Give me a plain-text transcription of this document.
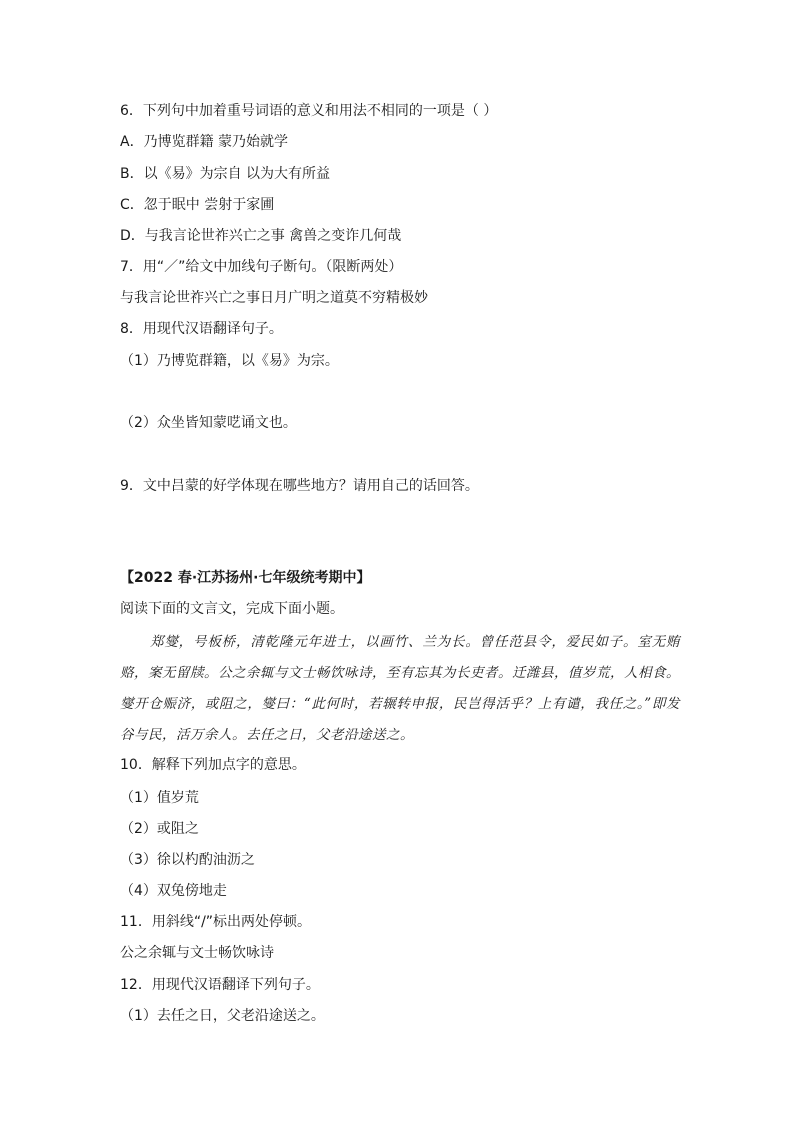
6．下列句中加着重号词语的意义和用法不相同的一项是（ ）
A．乃博览群籍 蒙乃始就学
B．以《易》为宗自 以为大有所益
C．忽于眠中 尝射于家圃
D．与我言论世祚兴亡之事 禽兽之变诈几何哉
7．用“／”给文中加线句子断句。（限断两处）
与我言论世祚兴亡之事日月广明之道莫不穷精极妙
8．用现代汉语翻译句子。
（1）乃博览群籍，以《易》为宗。
（2）众坐皆知蒙呓诵文也。
9．文中吕蒙的好学体现在哪些地方？请用自己的话回答。
【2022 春·江苏扬州·七年级统考期中】
阅读下面的文言文，完成下面小题。

郑燮，号板桥，清乾隆元年进士，以画竹、兰为长。曾任范县令，爱民如子。室无贿赂，案无留牍。公之余辄与文士畅饮咏诗，至有忘其为长吏者。迁潍县，值岁荒，人相食。燮开仓赈济，或阻之，燮曰：“此何时，若辗转申报，民岂得活乎？上有谴，我任之。”即发谷与民，活万余人。去任之日，父老沿途送之。

10．解释下列加点字的意思。
（1）值岁荒
（2）或阻之
（3）徐以杓酌油沥之
（4）双兔傍地走
11．用斜线“/”标出两处停顿。
公之余辄与文士畅饮咏诗
12．用现代汉语翻译下列句子。
（1）去任之日，父老沿途送之。
